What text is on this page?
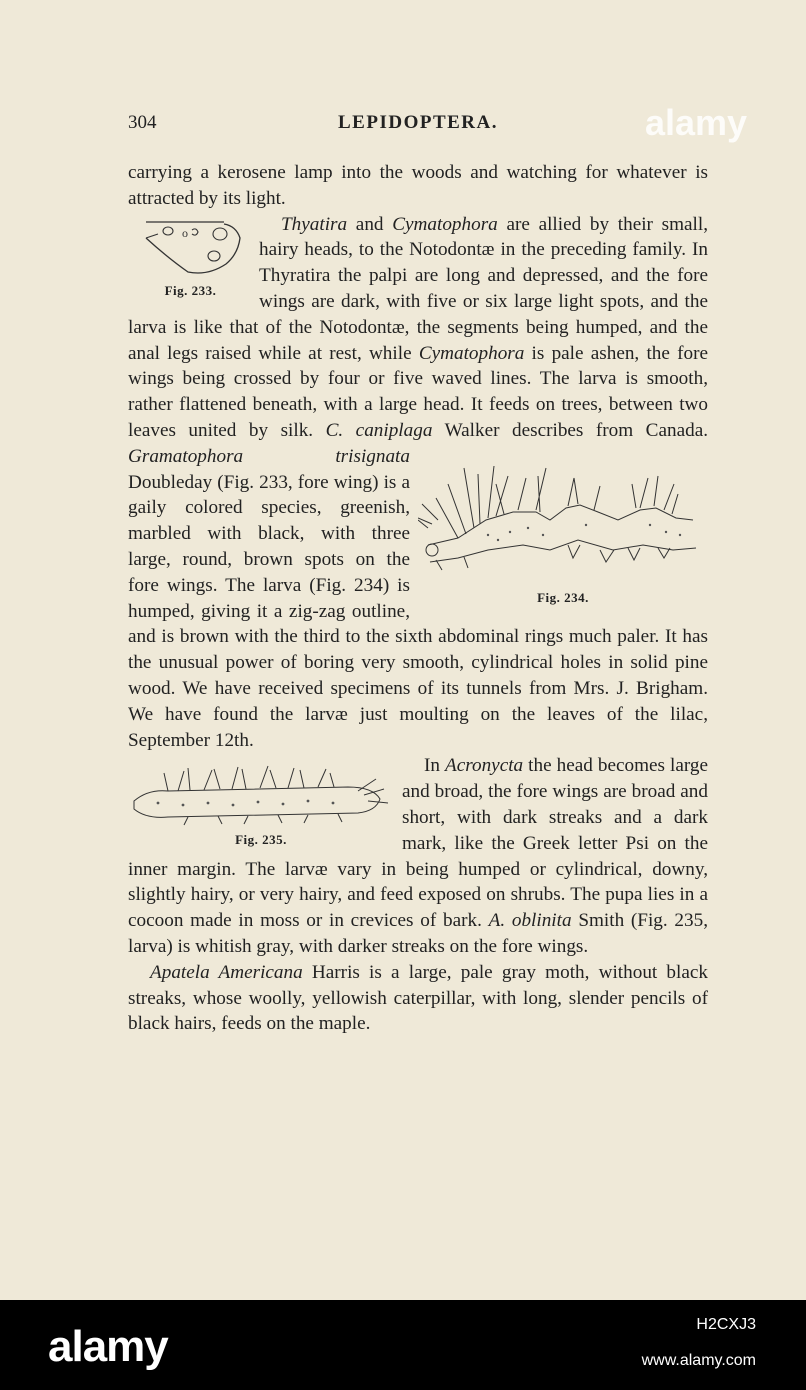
304	LEPIDOPTERA.	alamy

carrying a kerosene lamp into the woods and watching for whatever is attracted by its light.

Thyatira and Cymatophora
o
Fig. 233.
are allied by their small, hairy heads, to the Notodontæ in the preceding family. In Thyratira the palpi are long and depressed, and the fore wings are dark, with five or six large light spots, and the larva is like that of the Notodontæ, the segments being humped, and the anal legs raised while at rest, while Cymatophora is pale ashen, the fore wings being crossed by four or five waved lines. The larva is smooth, rather flattened beneath, with a large head. It feeds on trees, between two leaves united by silk. C. caniplaga Walker describes from Canada. Gramatophora trisignata
Fig. 234.
Doubleday (Fig. 233, fore wing) is a gaily colored species, greenish, marbled with black, with three large, round, brown spots on the fore wings. The larva (Fig. 234) is humped, giving it a zig-zag outline, and is brown with the third to the sixth abdominal rings much paler. It has the unusual power of boring very smooth, cylindrical holes in solid pine wood. We have received specimens of its tunnels from Mrs. J. Brigham. We have found the larvæ just moulting on the leaves of the lilac, September 12th.

In Acronycta
Fig. 235.
the head becomes large and broad, the fore wings are broad and short, with dark streaks and a dark mark, like the Greek letter Psi on the inner margin. The larvæ vary in being humped or cylindrical, downy, slightly hairy, or very hairy, and feed exposed on shrubs. The pupa lies in a cocoon made in moss or in crevices of bark. A. oblinita Smith (Fig. 235, larva) is whitish gray, with darker streaks on the fore wings.

Apatela Americana Harris is a large, pale gray moth, without black streaks, whose woolly, yellowish caterpillar, with long, slender pencils of black hairs, feeds on the maple.

alamy	H2CXJ3
www.alamy.com
